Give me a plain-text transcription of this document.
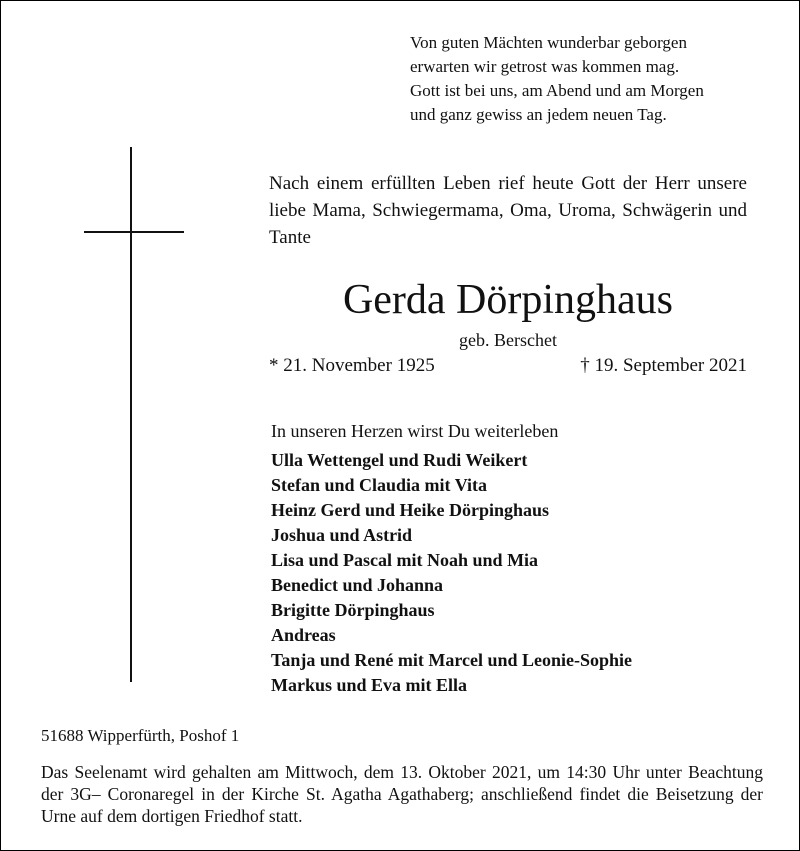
Von guten Mächten wunderbar geborgen
erwarten wir getrost was kommen mag.
Gott ist bei uns, am Abend und am Morgen
und ganz gewiss an jedem neuen Tag.
Nach einem erfüllten Leben rief heute Gott der Herr unsere liebe Mama, Schwiegermama, Oma, Uroma, Schwägerin und Tante
Gerda Dörpinghaus
geb. Berschet
* 21. November 1925	† 19. September 2021
In unseren Herzen wirst Du weiterleben
Ulla Wettengel und Rudi Weikert
Stefan und Claudia mit Vita
Heinz Gerd und Heike Dörpinghaus
Joshua und Astrid
Lisa und Pascal mit Noah und Mia
Benedict und Johanna
Brigitte Dörpinghaus
Andreas
Tanja und René mit Marcel und Leonie-Sophie
Markus und Eva mit Ella
51688 Wipperfürth, Poshof 1
Das Seelenamt wird gehalten am Mittwoch, dem 13. Oktober 2021, um 14:30 Uhr unter Beachtung der 3G– Coronaregel in der Kirche St. Agatha Agathaberg; anschließend findet die Beisetzung der Urne auf dem dortigen Friedhof statt.
